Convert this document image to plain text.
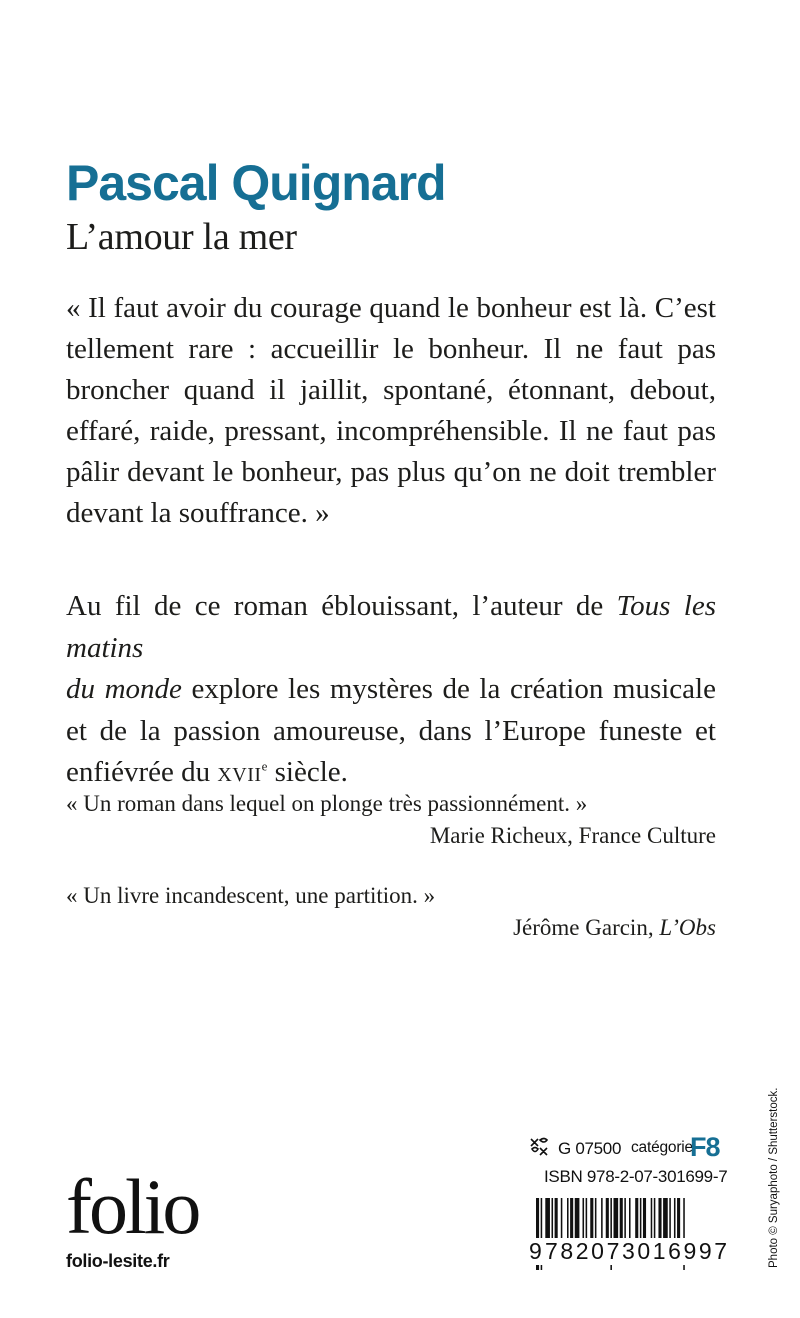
Pascal Quignard
L’amour la mer

« Il faut avoir du courage quand le bonheur est là. C’est
tellement rare : accueillir le bonheur. Il ne faut pas
broncher quand il jaillit, spontané, étonnant, debout,
effaré, raide, pressant, incompréhensible. Il ne faut pas
pâlir devant le bonheur, pas plus qu’on ne doit trembler
devant la souffrance. »

Au fil de ce roman éblouissant, l’auteur de Tous les matins
du monde explore les mystères de la création musicale
et de la passion amoureuse, dans l’Europe funeste et
enfiévrée du XVIIe siècle.

« Un roman dans lequel on plonge très passionnément. »
Marie Richeux, France Culture
« Un livre incandescent, une partition. »
Jérôme Garcin, L’Obs
folio
folio-lesite.fr
G 07500 catégorie
F8
ISBN 978-2-07-301699-7
9 782073016997	Photo © Suryaphoto / Shutterstock.
